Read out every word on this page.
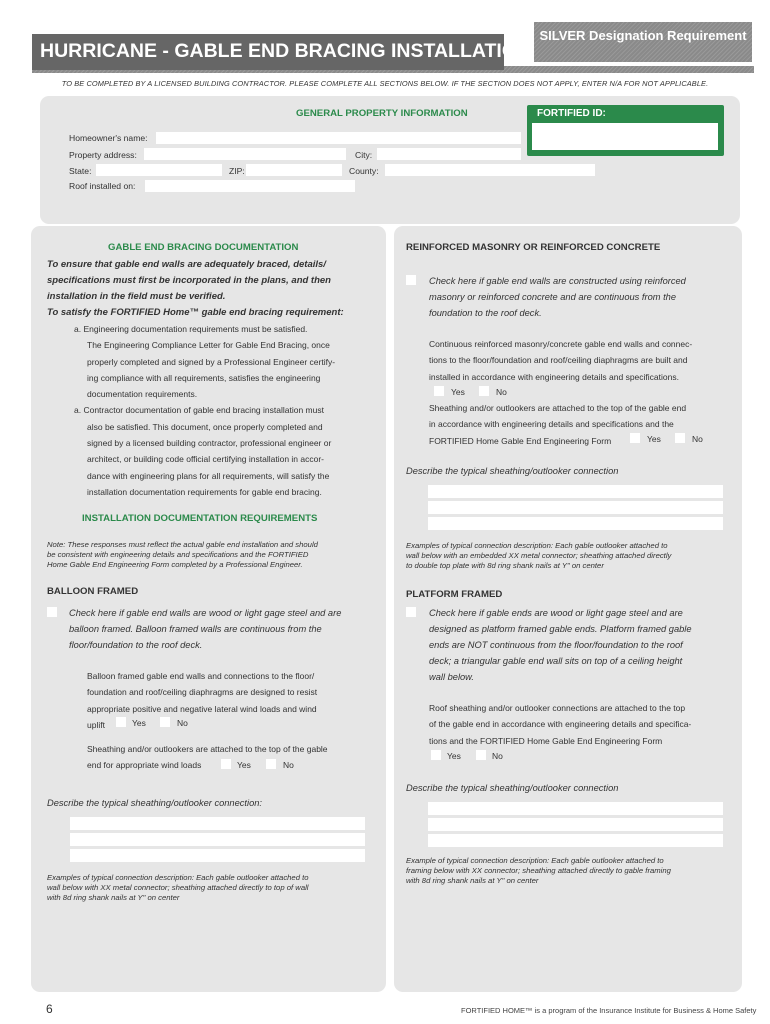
SILVER Designation Requirement
HURRICANE - GABLE END BRACING INSTALLATION
TO BE COMPLETED BY A LICENSED BUILDING CONTRACTOR. PLEASE COMPLETE ALL SECTIONS BELOW. IF THE SECTION DOES NOT APPLY, ENTER N/A FOR NOT APPLICABLE.
GENERAL PROPERTY INFORMATION	FORTIFIED ID:
Homeowner's name:
Property address:	City:
State:	ZIP:	County:
Roof installed on:
GABLE END BRACING DOCUMENTATION
To ensure that gable end walls are adequately braced, details/
specifications must first be incorporated in the plans, and then
installation in the field must be verified.
To satisfy the FORTIFIED Home™ gable end bracing requirement:
a. Engineering documentation requirements must be satisfied.
The Engineering Compliance Letter for Gable End Bracing, once
properly completed and signed by a Professional Engineer certify-
ing compliance with all requirements, satisfies the engineering
documentation requirements.
a. Contractor documentation of gable end bracing installation must
also be satisfied. This document, once properly completed and
signed by a licensed building contractor, professional engineer or
architect, or building code official certifying installation in accor-
dance with engineering plans for all requirements, will satisfy the
installation documentation requirements for gable end bracing.
INSTALLATION DOCUMENTATION REQUIREMENTS
Note: These responses must reflect the actual gable end installation and should
be consistent with engineering details and specifications and the FORTIFIED
Home Gable End Engineering Form completed by a Professional Engineer.
BALLOON FRAMED
Check here if gable end walls are wood or light gage steel and are
balloon framed. Balloon framed walls are continuous from the
floor/foundation to the roof deck.
Balloon framed gable end walls and connections to the floor/
foundation and roof/ceiling diaphragms are designed to resist
appropriate positive and negative lateral wind loads and wind
uplift	Yes	No
Sheathing and/or outlookers are attached to the top of the gable
end for appropriate wind loads	Yes	No
Describe the typical sheathing/outlooker connection:
Examples of typical connection description: Each gable outlooker attached to
wall below with XX metal connector; sheathing attached directly to top of wall
with 8d ring shank nails at Y" on center
REINFORCED MASONRY OR REINFORCED CONCRETE
Check here if gable end walls are constructed using reinforced
masonry or reinforced concrete and are continuous from the
foundation to the roof deck.
Continuous reinforced masonry/concrete gable end walls and connec-
tions to the floor/foundation and roof/ceiling diaphragms are built and
installed in accordance with engineering details and specifications.
Yes	No
Sheathing and/or outlookers are attached to the top of the gable end
in accordance with engineering details and specifications and the
FORTIFIED Home Gable End Engineering Form	Yes	No
Describe the typical sheathing/outlooker connection
Examples of typical connection description: Each gable outlooker attached to
wall below with an embedded XX metal connector; sheathing attached directly
to double top plate with 8d ring shank nails at Y" on center
PLATFORM FRAMED
Check here if gable ends are wood or light gage steel and are
designed as platform framed gable ends. Platform framed gable
ends are NOT continuous from the floor/foundation to the roof
deck; a triangular gable end wall sits on top of a ceiling height
wall below.
Roof sheathing and/or outlooker connections are attached to the top
of the gable end in accordance with engineering details and specifica-
tions and the FORTIFIED Home Gable End Engineering Form
Yes	No
Describe the typical sheathing/outlooker connection
Example of typical connection description: Each gable outlooker attached to
framing below with XX connector; sheathing attached directly to gable framing
with 8d ring shank nails at Y" on center
6	FORTIFIED HOME™ is a program of the Insurance Institute for Business & Home Safety
